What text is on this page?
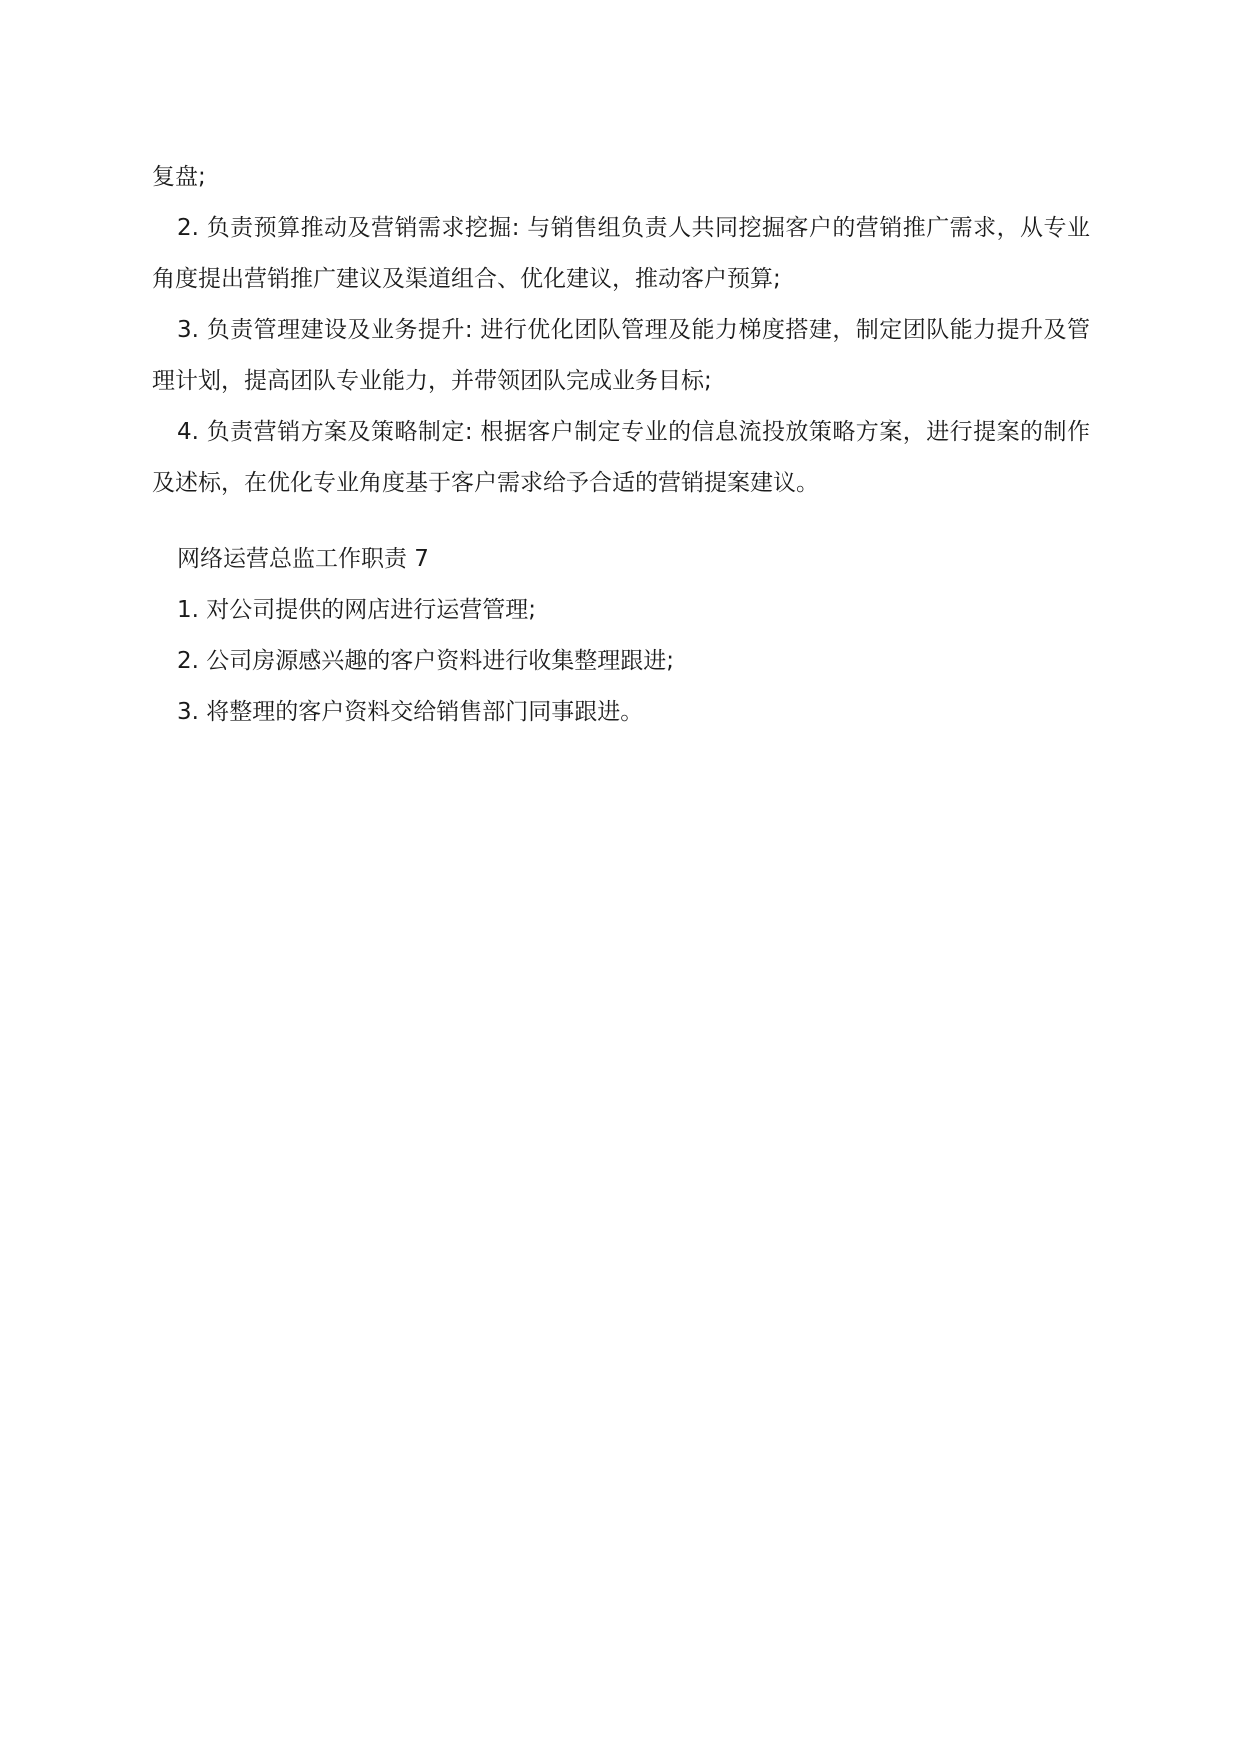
复盘;

2. 负责预算推动及营销需求挖掘: 与销售组负责人共同挖掘客户的营销推广需求，从专业角度提出营销推广建议及渠道组合、优化建议，推动客户预算;

3. 负责管理建设及业务提升: 进行优化团队管理及能力梯度搭建，制定团队能力提升及管理计划，提高团队专业能力，并带领团队完成业务目标;

4. 负责营销方案及策略制定: 根据客户制定专业的信息流投放策略方案，进行提案的制作及述标，在优化专业角度基于客户需求给予合适的营销提案建议。

网络运营总监工作职责 7

1. 对公司提供的网店进行运营管理;

2. 公司房源感兴趣的客户资料进行收集整理跟进;

3. 将整理的客户资料交给销售部门同事跟进。
